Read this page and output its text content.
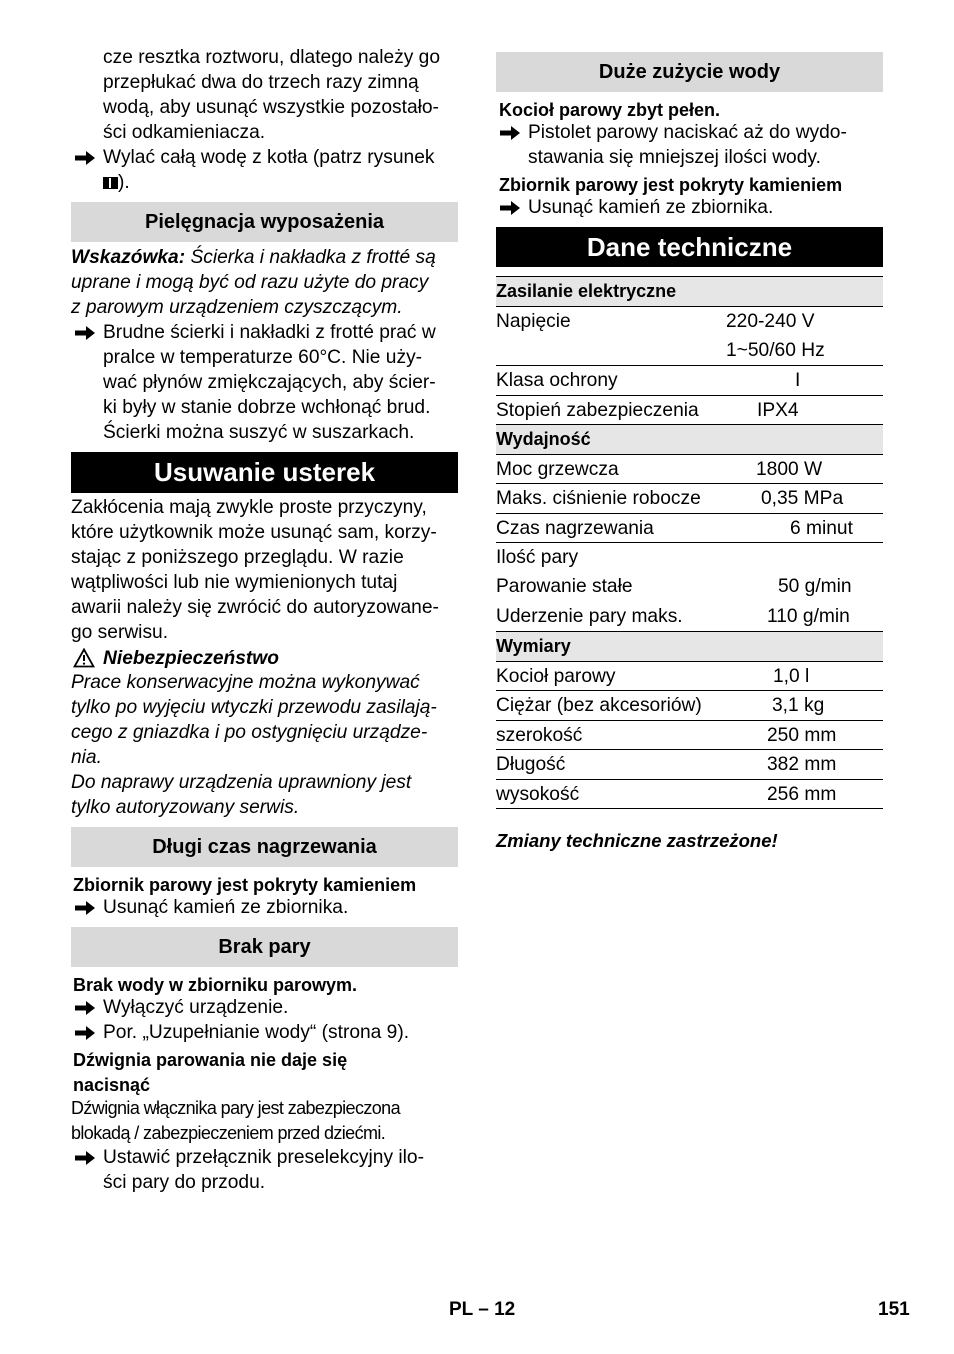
cze resztka roztworu, dlatego należy go
przepłukać dwa do trzech razy zimną
wodą, aby usunąć wszystkie pozostało-
ści odkamieniacza.
Wylać całą wodę z kotła (patrz rysunek
).
Pielęgnacja wyposażenia
Wskazówka: Ścierka i nakładka z frotté są
uprane i mogą być od razu użyte do pracy
z parowym urządzeniem czyszczącym.
Brudne ścierki i nakładki z frotté prać w
pralce w temperaturze 60°C. Nie uży-
wać płynów zmiękczających, aby ścier-
ki były w stanie dobrze wchłonąć brud.
Ścierki można suszyć w suszarkach.
Usuwanie usterek
Zakłócenia mają zwykle proste przyczyny,
które użytkownik może usunąć sam, korzy-
stając z poniższego przeglądu. W razie
wątpliwości lub nie wymienionych tutaj
awarii należy się zwrócić do autoryzowane-
go serwisu.
Niebezpieczeństwo
Prace konserwacyjne można wykonywać
tylko po wyjęciu wtyczki przewodu zasilają-
cego z gniazdka i po ostygnięciu urządze-
nia.
Do naprawy urządzenia uprawniony jest
tylko autoryzowany serwis.
Długi czas nagrzewania
Zbiornik parowy jest pokryty kamieniem
Usunąć kamień ze zbiornika.
Brak pary
Brak wody w zbiorniku parowym.
Wyłączyć urządzenie.
Por. „Uzupełnianie wody“ (strona 9).
Dźwignia parowania nie daje się
nacisnąć
Dźwignia włącznika pary jest zabezpieczona
blokadą / zabezpieczeniem przed dziećmi.
Ustawić przełącznik preselekcyjny ilo-
ści pary do przodu.
Duże zużycie wody
Kocioł parowy zbyt pełen.
Pistolet parowy naciskać aż do wydo-
stawania się mniejszej ilości wody.
Zbiornik parowy jest pokryty kamieniem
Usunąć kamień ze zbiornika.
Dane techniczne
Zasilanie elektryczne
Napięcie	220-240 V
1~50/60 Hz
Klasa ochrony	I
Stopień zabezpieczenia	IPX4
Wydajność
Moc grzewcza	1800 W
Maks. ciśnienie robocze	0,35 MPa
Czas nagrzewania	6 minut
Ilość pary
Parowanie stałe	50 g/min
Uderzenie pary maks.	110 g/min
Wymiary
Kocioł parowy	1,0 l
Ciężar (bez akcesoriów)	3,1 kg
szerokość	250 mm
Długość	382 mm
wysokość	256 mm
Zmiany techniczne zastrzeżone!
PL – 12	151
